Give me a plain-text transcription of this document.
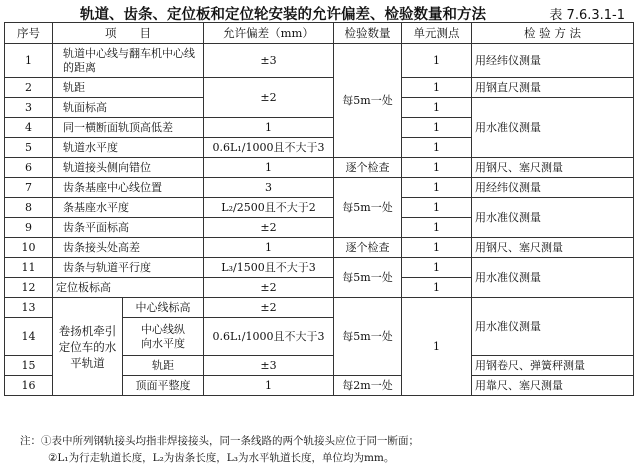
轨道、齿条、定位板和定位轮安装的允许偏差、检验数量和方法	表 7.6.3.1-1
序号	项　　目		允许偏差（mm）	检验数量	单元测点	检 验 方 法
1	轨道中心线与翻车机中心线的距离		±3	每5m一处	1	用经纬仪测量
2	轨距		±2		1	用钢直尺测量
3	轨面标高				1	用水准仪测量
4	同一横断面轨顶高低差		1		1	
5	轨道水平度		0.6L₁/1000且不大于3		1	
6	轨道接头侧向错位		1	逐个检查	1	用钢尺、塞尺测量
7	齿条基座中心线位置		3	每5m一处	1	用经纬仪测量
8	条基座水平度		L₂/2500且不大于2		1	用水准仪测量
9	齿条平面标高		±2		1	
10	齿条接头处高差		1	逐个检查	1	用钢尺、塞尺测量
11	齿条与轨道平行度		L₃/1500且不大于3	每5m一处	1	用水准仪测量
12	定位板标高		±2		1	
13	卷扬机牵引定位车的水平轨道	中心线标高	±2	每5m一处	1	用水准仪测量
14		中心线纵向水平度	0.6L₁/1000且不大于3			
15		轨距	±3			用钢卷尺、弹簧秤测量
16		顶面平整度	1	每2m一处		用靠尺、塞尺测量
注：①表中所列钢轨接头均指非焊接接头，同一条线路的两个轨接头应位于同一断面；
②L₁为行走轨道长度，L₂为齿条长度，L₃为水平轨道长度，单位均为mm。
